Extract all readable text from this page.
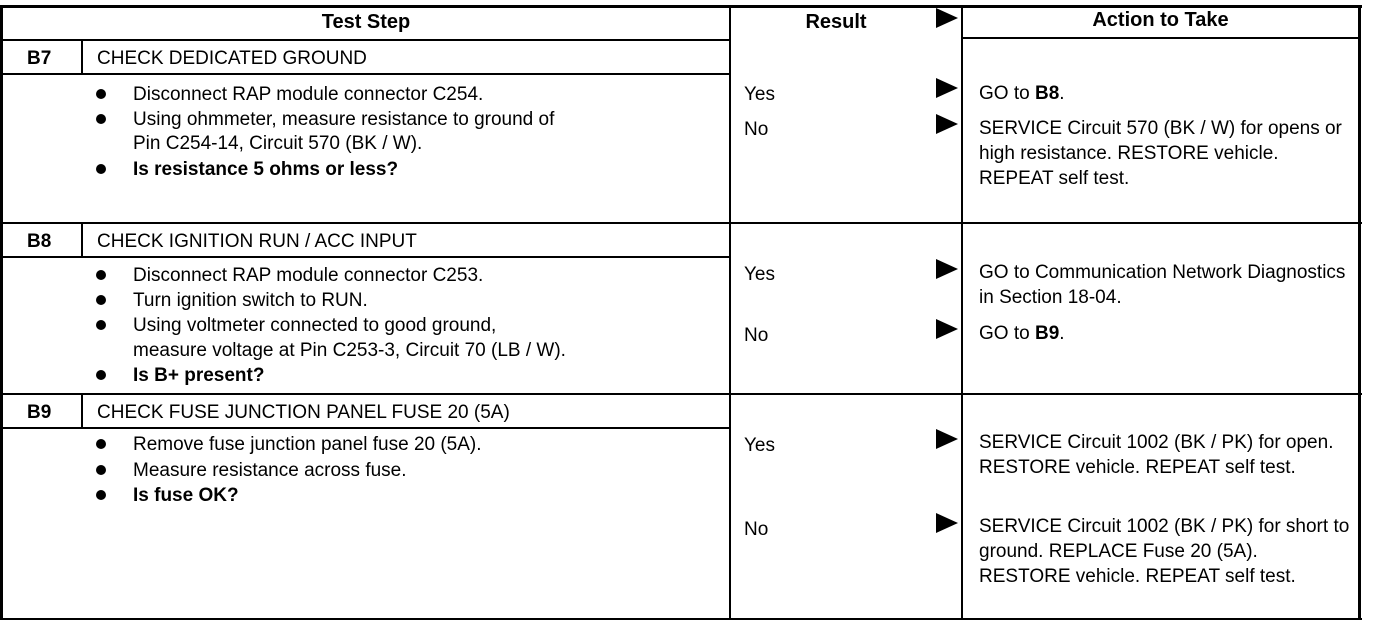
Test Step	Result	Action to Take
B7 CHECK DEDICATED GROUND
Disconnect RAP module connector C254.
Using ohmmeter, measure resistance to ground of
Pin C254-14, Circuit 570 (BK / W).
Is resistance 5 ohms or less?
Yes	GO to B8.
No	SERVICE Circuit 570 (BK / W) for opens or high resistance. RESTORE vehicle. REPEAT self test.
B8 CHECK IGNITION RUN / ACC INPUT
Disconnect RAP module connector C253.
Turn ignition switch to RUN.
Using voltmeter connected to good ground,
measure voltage at Pin C253-3, Circuit 70 (LB / W).
Is B+ present?
Yes	GO to Communication Network Diagnostics in Section 18-04.
No	GO to B9.
B9 CHECK FUSE JUNCTION PANEL FUSE 20 (5A)
Remove fuse junction panel fuse 20 (5A).
Measure resistance across fuse.
Is fuse OK?
Yes	SERVICE Circuit 1002 (BK / PK) for open. RESTORE vehicle. REPEAT self test.
No	SERVICE Circuit 1002 (BK / PK) for short to ground. REPLACE Fuse 20 (5A). RESTORE vehicle. REPEAT self test.
